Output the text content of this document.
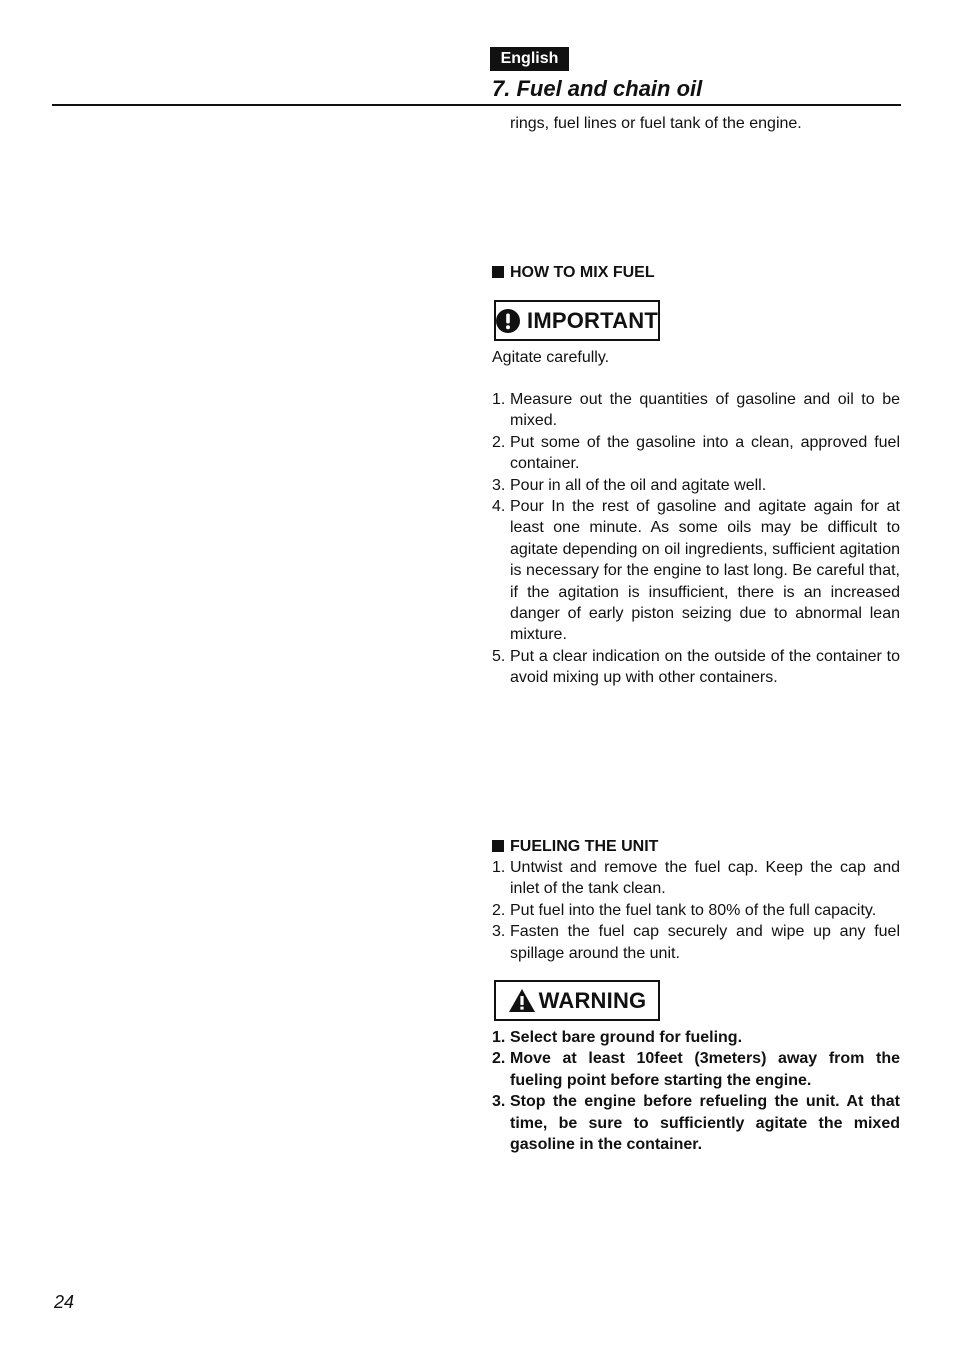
English
7. Fuel and chain oil
rings, fuel lines or fuel tank of the engine.
HOW TO MIX FUEL
IMPORTANT
Agitate carefully.
1. Measure out the quantities of gasoline and oil to be mixed.
2. Put some of the gasoline into a clean, approved fuel container.
3. Pour in all of the oil and agitate well.
4. Pour In the rest of gasoline and agitate again for at least one minute. As some oils may be difficult to agitate depending on oil ingredients, sufficient agitation is necessary for the engine to last long. Be careful that, if the agitation is insufficient, there is an increased danger of early piston seizing due to abnormal lean mixture.
5. Put a clear indication on the outside of the container to avoid mixing up with other containers.
FUELING THE UNIT
1. Untwist and remove the fuel cap. Keep the cap and inlet of the tank clean.
2. Put fuel into the fuel tank to 80% of the full capacity.
3. Fasten the fuel cap securely and wipe up any fuel spillage around the unit.
WARNING
1. Select bare ground for fueling.
2. Move at least 10feet (3meters) away from the fueling point before starting the engine.
3. Stop the engine before refueling the unit. At that time, be sure to sufficiently agitate the mixed gasoline in the container.
24
